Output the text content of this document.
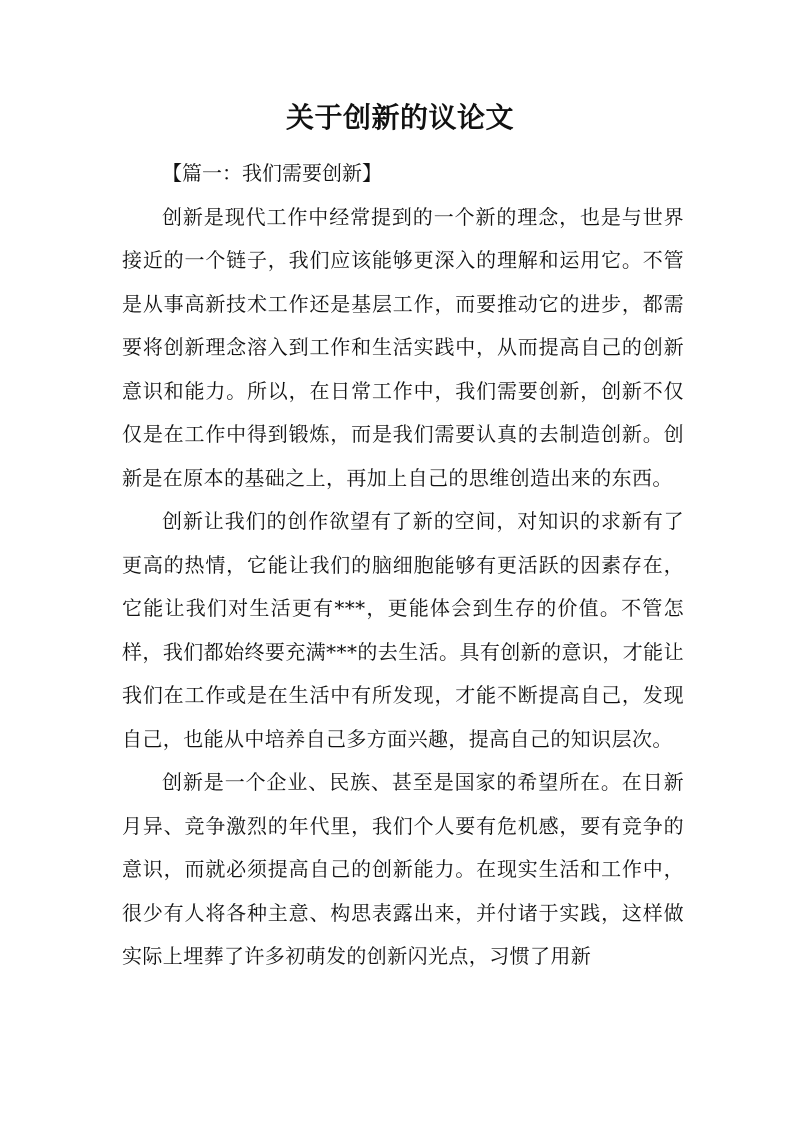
关于创新的议论文

【篇一：我们需要创新】

创新是现代工作中经常提到的一个新的理念，也是与世界接近的一个链子，我们应该能够更深入的理解和运用它。不管是从事高新技术工作还是基层工作，而要推动它的进步，都需要将创新理念溶入到工作和生活实践中，从而提高自己的创新意识和能力。所以，在日常工作中，我们需要创新，创新不仅仅是在工作中得到锻炼，而是我们需要认真的去制造创新。创新是在原本的基础之上，再加上自己的思维创造出来的东西。

创新让我们的创作欲望有了新的空间，对知识的求新有了更高的热情，它能让我们的脑细胞能够有更活跃的因素存在，它能让我们对生活更有***，更能体会到生存的价值。不管怎样，我们都始终要充满***的去生活。具有创新的意识，才能让我们在工作或是在生活中有所发现，才能不断提高自己，发现自己，也能从中培养自己多方面兴趣，提高自己的知识层次。

创新是一个企业、民族、甚至是国家的希望所在。在日新月异、竞争激烈的年代里，我们个人要有危机感，要有竞争的意识，而就必须提高自己的创新能力。在现实生活和工作中，很少有人将各种主意、构思表露出来，并付诸于实践，这样做实际上埋葬了许多初萌发的创新闪光点，习惯了用新
